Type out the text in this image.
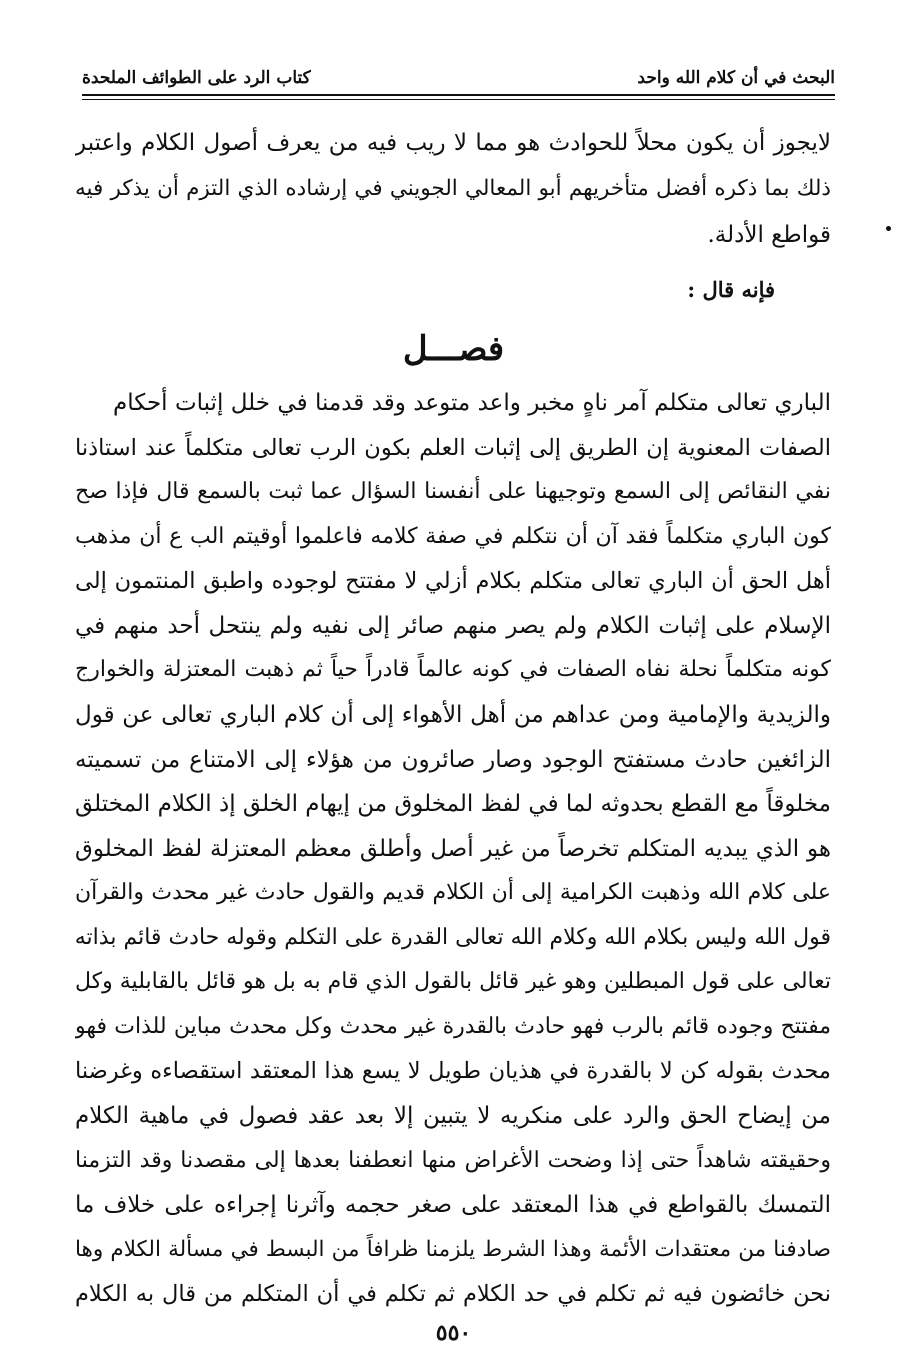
كتاب الرد على الطوائف الملحدة	البحث في أن كلام الله واحد
لايجوز أن يكون محلاً للحوادث هو مما لا ريب فيه من يعرف أصول الكلام واعتبر
ذلك بما ذكره أفضل متأخريهم أبو المعالي الجويني في إرشاده الذي التزم أن يذكر فيه
قواطع الأدلة.
فإنه قال :
فصـــل
الباري تعالى متكلم آمر ناهٍ مخبر واعد متوعد وقد قدمنا في خلل إثبات أحكام
الصفات المعنوية إن الطريق إلى إثبات العلم بكون الرب تعالى متكلماً عند استاذنا
نفي النقائص إلى السمع وتوجيهنا على أنفسنا السؤال عما ثبت بالسمع قال فإذا صح
كون الباري متكلماً فقد آن أن نتكلم في صفة كلامه فاعلموا أوقيتم الب ع أن مذهب
أهل الحق أن الباري تعالى متكلم بكلام أزلي لا مفتتح لوجوده واطبق المنتمون إلى
الإسلام على إثبات الكلام ولم يصر منهم صائر إلى نفيه ولم ينتحل أحد منهم في
كونه متكلماً نحلة نفاه الصفات في كونه عالماً قادراً حياً ثم ذهبت المعتزلة والخوارج
والزيدية والإمامية ومن عداهم من أهل الأهواء إلى أن كلام الباري تعالى عن قول
الزائغين حادث مستفتح الوجود وصار صائرون من هؤلاء إلى الامتناع من تسميته
مخلوقاً مع القطع بحدوثه لما في لفظ المخلوق من إيهام الخلق إذ الكلام المختلق
هو الذي يبديه المتكلم تخرصاً من غير أصل وأطلق معظم المعتزلة لفظ المخلوق
على كلام الله وذهبت الكرامية إلى أن الكلام قديم والقول حادث غير محدث والقرآن
قول الله وليس بكلام الله وكلام الله تعالى القدرة على التكلم وقوله حادث قائم بذاته
تعالى على قول المبطلين وهو غير قائل بالقول الذي قام به بل هو قائل بالقابلية وكل
مفتتح وجوده قائم بالرب فهو حادث بالقدرة غير محدث وكل محدث مباين للذات فهو
محدث بقوله كن لا بالقدرة في هذيان طويل لا يسع هذا المعتقد استقصاءه وغرضنا
من إيضاح الحق والرد على منكريه لا يتبين إلا بعد عقد فصول في ماهية الكلام
وحقيقته شاهداً حتى إذا وضحت الأغراض منها انعطفنا بعدها إلى مقصدنا وقد التزمنا
التمسك بالقواطع في هذا المعتقد على صغر حجمه وآثرنا إجراءه على خلاف ما
صادفنا من معتقدات الأئمة وهذا الشرط يلزمنا ظرافاً من البسط في مسألة الكلام وها
نحن خائضون فيه ثم تكلم في حد الكلام ثم تكلم في أن المتكلم من قال به الكلام
٥٥٠
